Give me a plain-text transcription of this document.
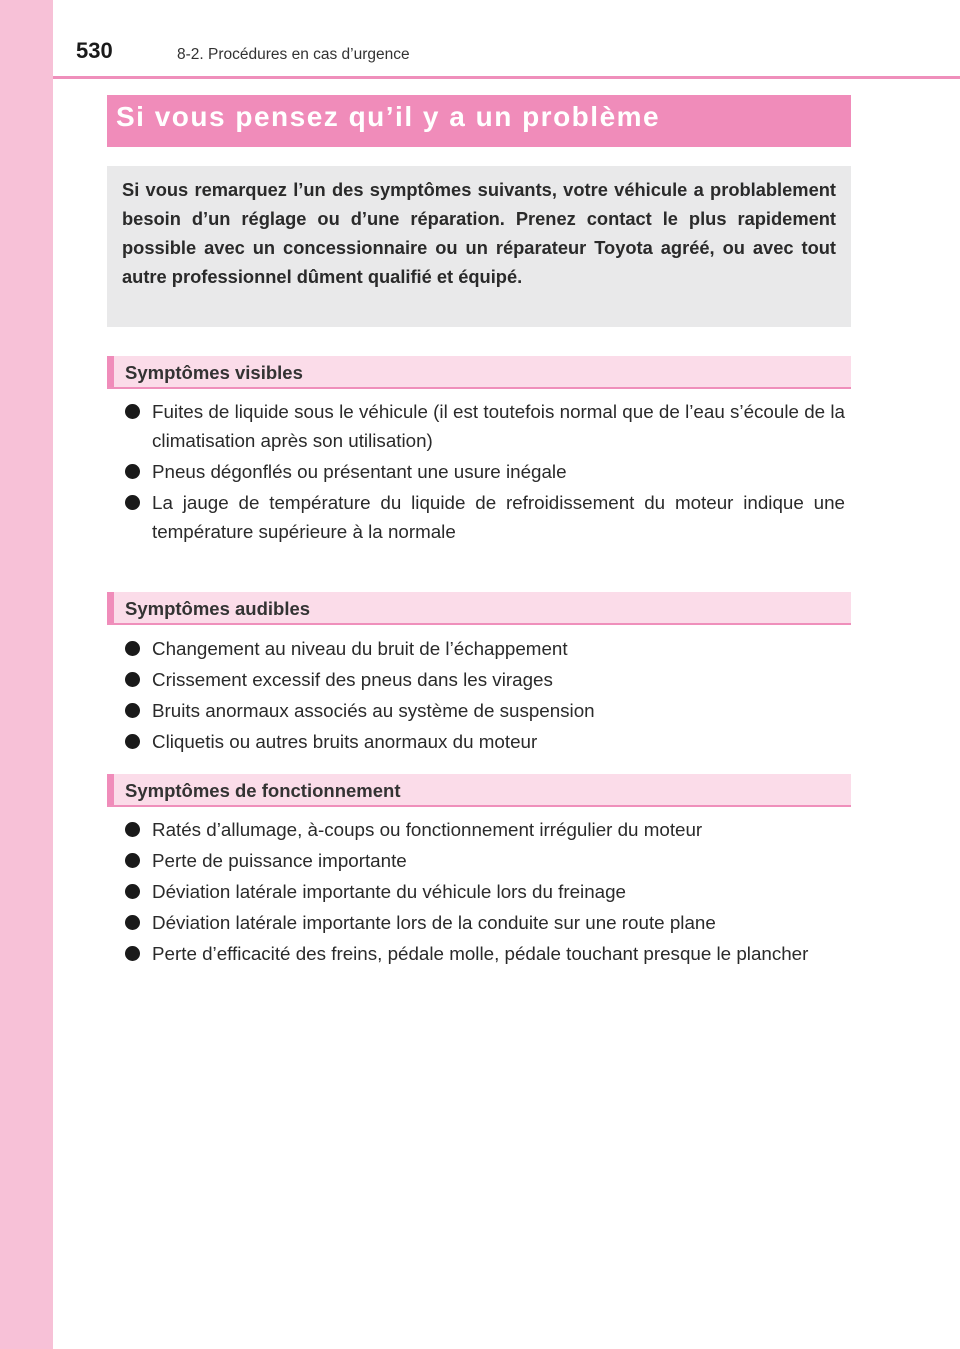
530	8-2. Procédures en cas d’urgence
Si vous pensez qu’il y a un problème

Si vous remarquez l’un des symptômes suivants, votre véhicule a problablement besoin d’un réglage ou d’une réparation. Prenez contact le plus rapidement possible avec un concessionnaire ou un réparateur Toyota agréé, ou avec tout autre professionnel dûment qualifié et équipé.

Symptômes visibles
Fuites de liquide sous le véhicule (il est toutefois normal que de l’eau s’écoule de la climatisation après son utilisation)
Pneus dégonflés ou présentant une usure inégale
La jauge de température du liquide de refroidissement du moteur indique une température supérieure à la normale
Symptômes audibles
Changement au niveau du bruit de l’échappement
Crissement excessif des pneus dans les virages
Bruits anormaux associés au système de suspension
Cliquetis ou autres bruits anormaux du moteur
Symptômes de fonctionnement
Ratés d’allumage, à-coups ou fonctionnement irrégulier du moteur
Perte de puissance importante
Déviation latérale importante du véhicule lors du freinage
Déviation latérale importante lors de la conduite sur une route plane
Perte d’efficacité des freins, pédale molle, pédale touchant presque le plancher
